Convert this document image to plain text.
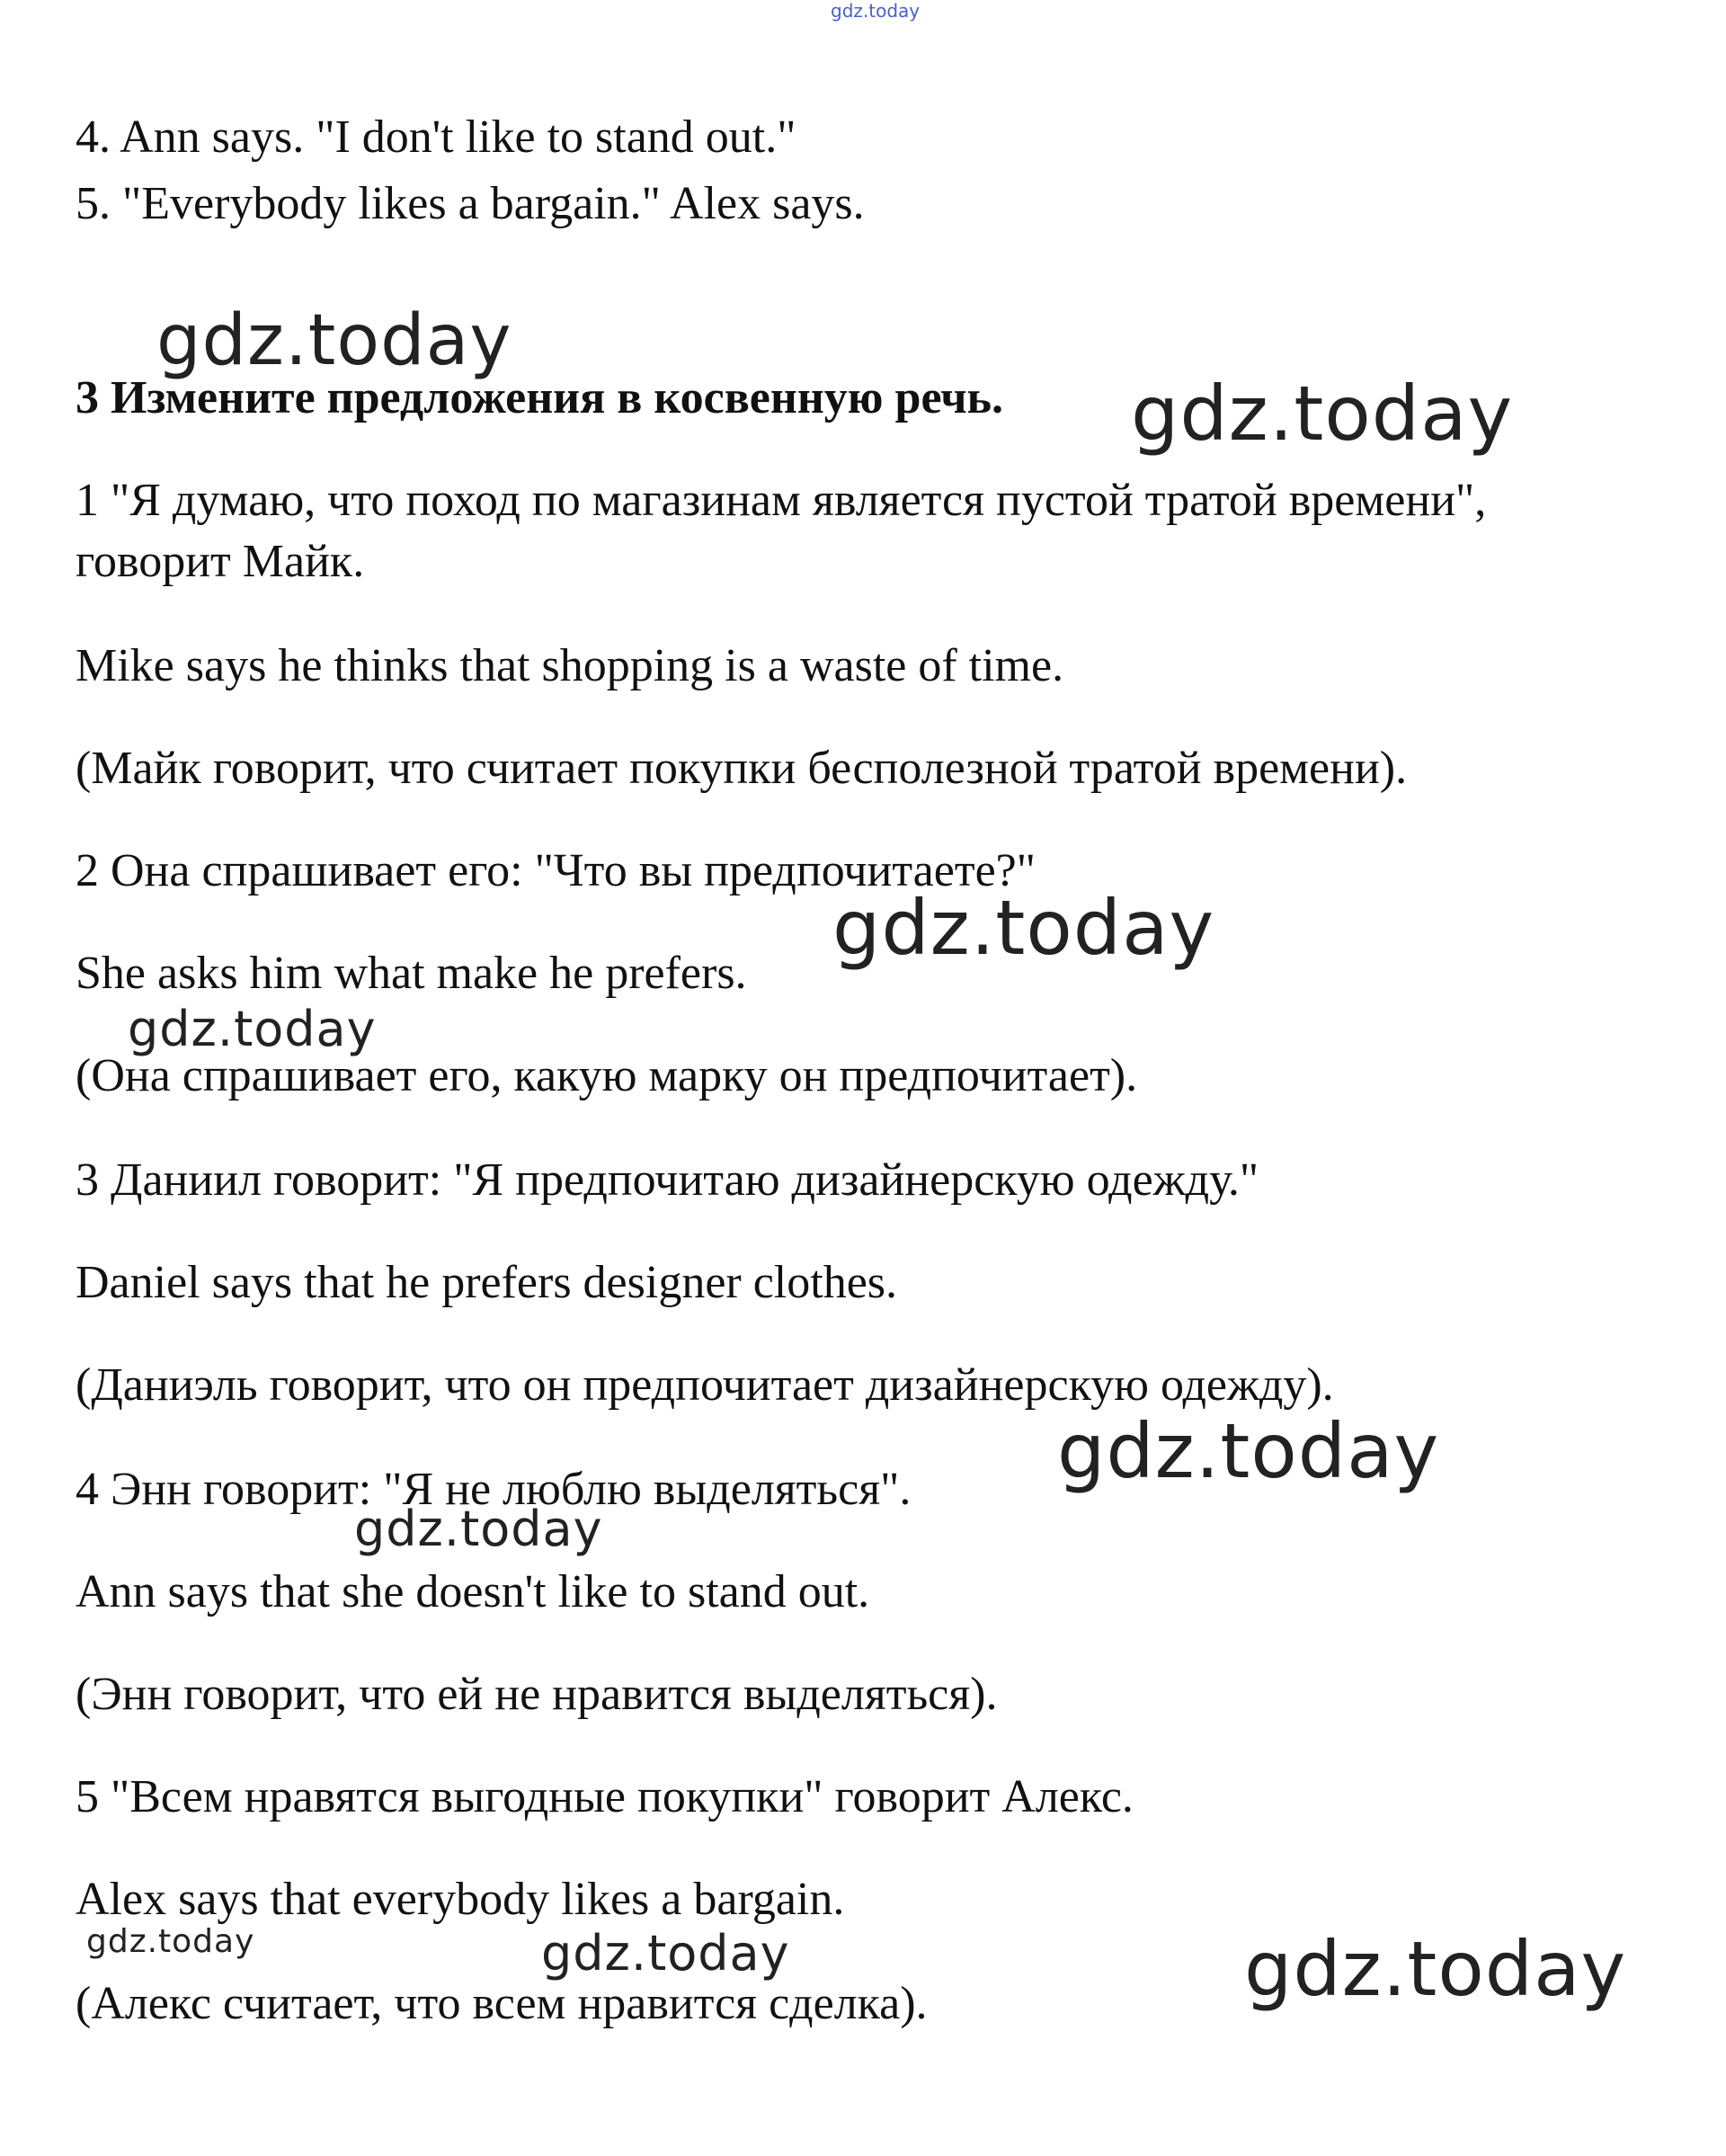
gdz.today

4. Ann says. "I don't like to stand out."

5. "Everybody likes a bargain." Alex says.

3 Измените предложения в косвенную речь.

1 "Я думаю, что поход по магазинам является пустой тратой времени",

говорит Майк.

Mike says he thinks that shopping is a waste of time.

(Майк говорит, что считает покупки бесполезной тратой времени).

2 Она спрашивает его: "Что вы предпочитаете?"

She asks him what make he prefers.

(Она спрашивает его, какую марку он предпочитает).

3 Даниил говорит: "Я предпочитаю дизайнерскую одежду."

Daniel says that he prefers designer clothes.

(Даниэль говорит, что он предпочитает дизайнерскую одежду).

4 Энн говорит: "Я не люблю выделяться".

Ann says that she doesn't like to stand out.

(Энн говорит, что ей не нравится выделяться).

5 "Всем нравятся выгодные покупки" говорит Алекс.

Alex says that everybody likes a bargain.

(Алекс считает, что всем нравится сделка).

gdz.today
gdz.today
gdz.today
gdz.today
gdz.today
gdz.today
gdz.today	gdz.today	gdz.today
